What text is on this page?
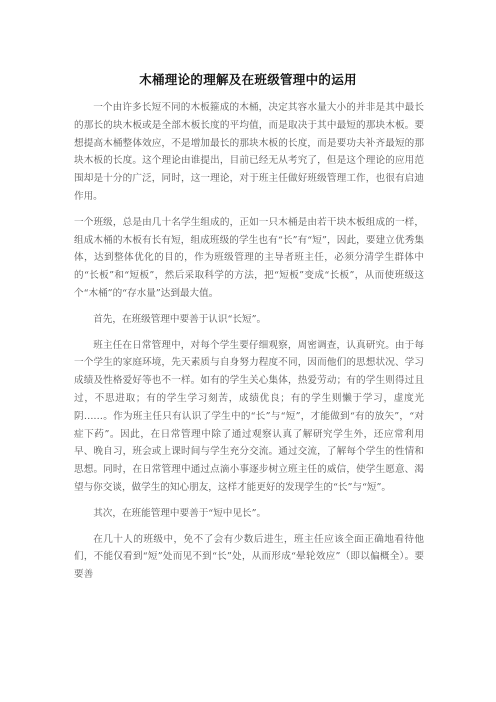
木桶理论的理解及在班级管理中的运用

一个由许多长短不同的木板箍成的木桶，决定其容水量大小的并非是其中最长的那长的块木板或是全部木板长度的平均值，而是取决于其中最短的那块木板。要想提高木桶整体效应，不是增加最长的那块木板的长度，而是要功夫补齐最短的那块木板的长度。这个理论由谁提出，目前已经无从考究了，但是这个理论的应用范围却是十分的广泛，同时，这一理论，对于班主任做好班级管理工作，也很有启迪作用。

一个班级，总是由几十名学生组成的，正如一只木桶是由若干块木板组成的一样，组成木桶的木板有长有短，组成班级的学生也有“长”有“短”，因此，要建立优秀集体，达到整体优化的目的，作为班级管理的主导者班主任，必须分清学生群体中的“长板”和“短板”，然后采取科学的方法，把“短板”变成“长板”，从而使班级这个“木桶”的“存水量”达到最大值。

首先，在班级管理中要善于认识“长短”。

班主任在日常管理中，对每个学生要仔细观察，周密调查，认真研究。由于每一个学生的家庭环境，先天素质与自身努力程度不同，因而他们的思想状况、学习成绩及性格爱好等也不一样。如有的学生关心集体，热爱劳动；有的学生则得过且过，不思进取；有的学生学习刻苦，成绩优良；有的学生则懒于学习，虚度光阴……。作为班主任只有认识了学生中的“长”与“短”，才能做到“有的放矢”，“对症下药”。因此，在日常管理中除了通过观察认真了解研究学生外，还应常利用早、晚自习，班会或上课时间与学生充分交流。通过交流，了解每个学生的性情和思想。同时，在日常管理中通过点滴小事逐步树立班主任的威信，使学生愿意、渴望与你交谈，做学生的知心朋友，这样才能更好的发现学生的“长”与“短”。

其次，在班能管理中要善于“短中见长”。

在几十人的班级中，免不了会有少数后进生，班主任应该全面正确地看待他们，不能仅看到“短”处而见不到“长”处，从而形成“晕轮效应”（即以偏概全）。要要善
